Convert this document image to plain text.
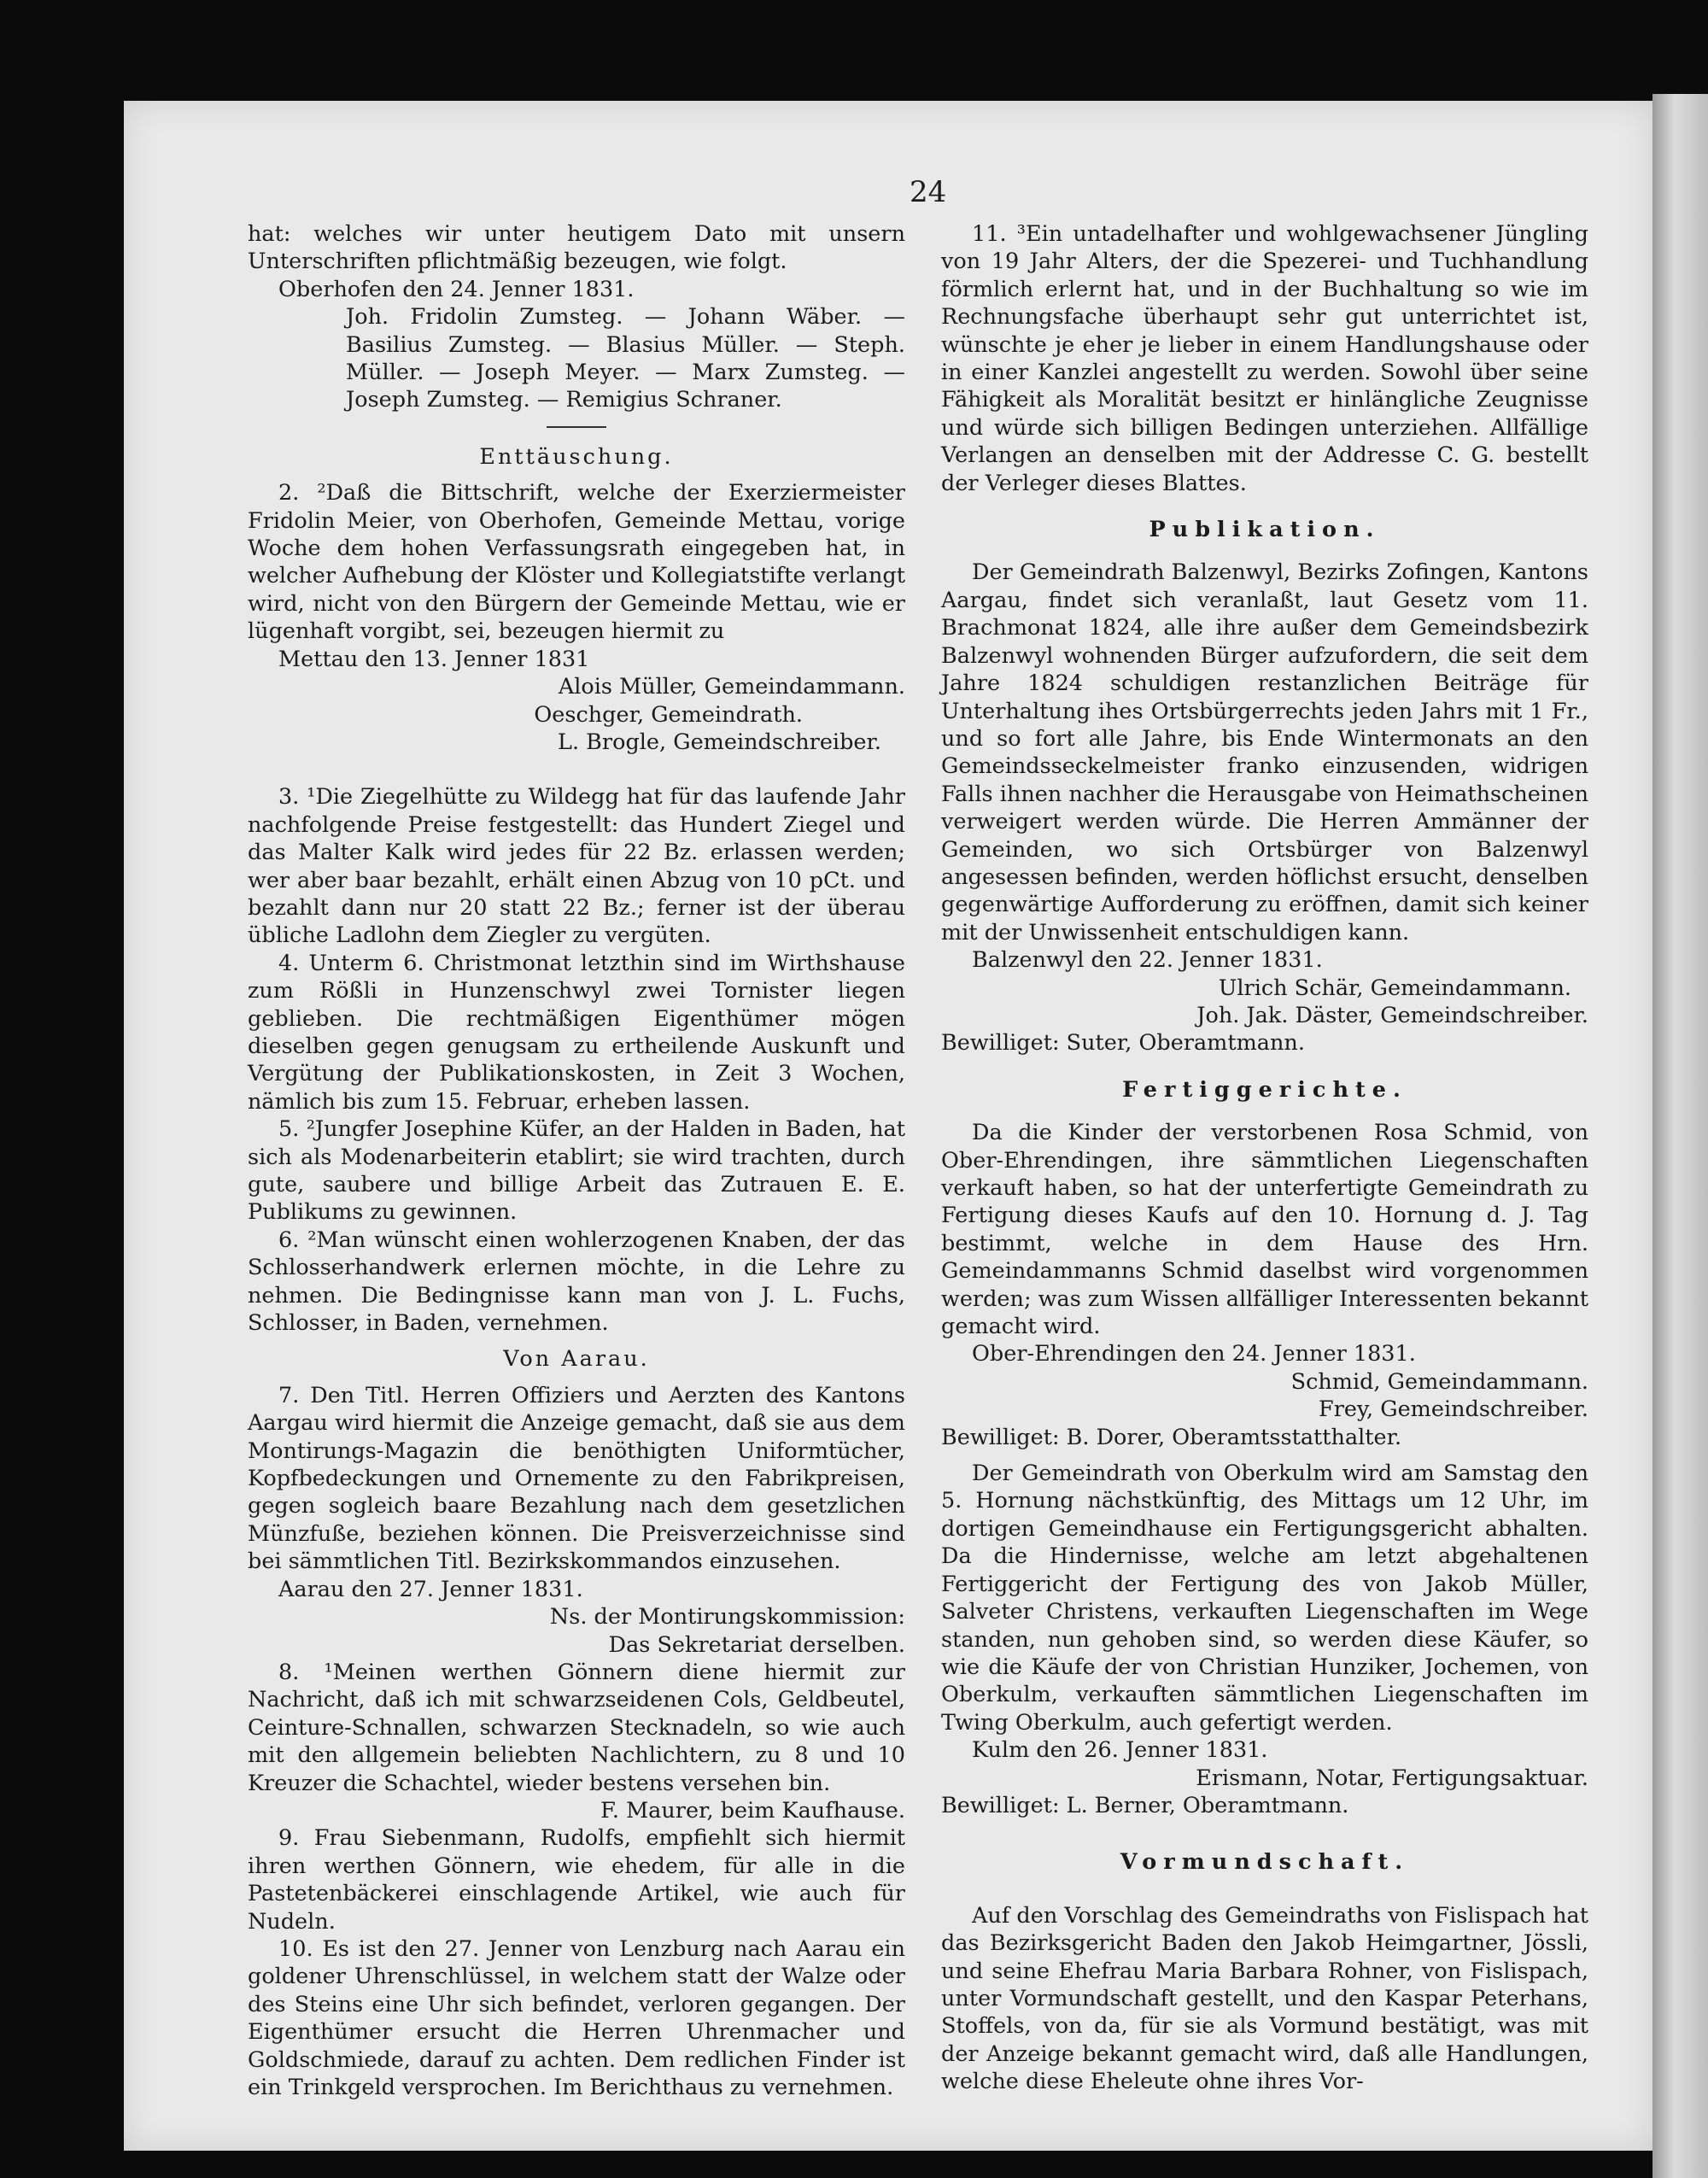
24

hat: welches wir unter heutigem Dato mit unsern Unterschriften pflichtmäßig bezeugen, wie folgt.

Oberhofen den 24. Jenner 1831.

Joh. Fridolin Zumsteg. — Johann Wäber. — Basilius Zumsteg. — Blasius Müller. — Steph. Müller. — Joseph Meyer. — Marx Zumsteg. — Joseph Zumsteg. — Remigius Schraner.

Enttäuschung.

2. ²Daß die Bittschrift, welche der Exerziermeister Fridolin Meier, von Oberhofen, Gemeinde Mettau, vorige Woche dem hohen Verfassungsrath eingegeben hat, in welcher Aufhebung der Klöster und Kollegiatstifte verlangt wird, nicht von den Bürgern der Gemeinde Mettau, wie er lügenhaft vorgibt, sei, bezeugen hiermit zu

Mettau den 13. Jenner 1831

Alois Müller, Gemeindammann.

Oeschger, Gemeindrath.

L. Brogle, Gemeindschreiber.

3. ¹Die Ziegelhütte zu Wildegg hat für das laufende Jahr nachfolgende Preise festgestellt: das Hundert Ziegel und das Malter Kalk wird jedes für 22 Bz. erlassen werden; wer aber baar bezahlt, erhält einen Abzug von 10 pCt. und bezahlt dann nur 20 statt 22 Bz.; ferner ist der überau übliche Ladlohn dem Ziegler zu vergüten.

4. Unterm 6. Christmonat letzthin sind im Wirthshause zum Rößli in Hunzenschwyl zwei Tornister liegen geblieben. Die rechtmäßigen Eigenthümer mögen dieselben gegen genugsam zu ertheilende Auskunft und Vergütung der Publikationskosten, in Zeit 3 Wochen, nämlich bis zum 15. Februar, erheben lassen.

5. ²Jungfer Josephine Küfer, an der Halden in Baden, hat sich als Modenarbeiterin etablirt; sie wird trachten, durch gute, saubere und billige Arbeit das Zutrauen E. E. Publikums zu gewinnen.

6. ²Man wünscht einen wohlerzogenen Knaben, der das Schlosserhandwerk erlernen möchte, in die Lehre zu nehmen. Die Bedingnisse kann man von J. L. Fuchs, Schlosser, in Baden, vernehmen.

Von Aarau.

7. Den Titl. Herren Offiziers und Aerzten des Kantons Aargau wird hiermit die Anzeige gemacht, daß sie aus dem Montirungs-Magazin die benöthigten Uniformtücher, Kopfbedeckungen und Ornemente zu den Fabrikpreisen, gegen sogleich baare Bezahlung nach dem gesetzlichen Münzfuße, beziehen können. Die Preisverzeichnisse sind bei sämmtlichen Titl. Bezirkskommandos einzusehen.

Aarau den 27. Jenner 1831.

Ns. der Montirungskommission:

Das Sekretariat derselben.

8. ¹Meinen werthen Gönnern diene hiermit zur Nachricht, daß ich mit schwarzseidenen Cols, Geldbeutel, Ceinture-Schnallen, schwarzen Stecknadeln, so wie auch mit den allgemein beliebten Nachlichtern, zu 8 und 10 Kreuzer die Schachtel, wieder bestens versehen bin.

F. Maurer, beim Kaufhause.

9. Frau Siebenmann, Rudolfs, empfiehlt sich hiermit ihren werthen Gönnern, wie ehedem, für alle in die Pastetenbäckerei einschlagende Artikel, wie auch für Nudeln.

10. Es ist den 27. Jenner von Lenzburg nach Aarau ein goldener Uhrenschlüssel, in welchem statt der Walze oder des Steins eine Uhr sich befindet, verloren gegangen. Der Eigenthümer ersucht die Herren Uhrenmacher und Goldschmiede, darauf zu achten. Dem redlichen Finder ist ein Trinkgeld versprochen. Im Berichthaus zu vernehmen.

11. ³Ein untadelhafter und wohlgewachsener Jüngling von 19 Jahr Alters, der die Spezerei- und Tuchhandlung förmlich erlernt hat, und in der Buchhaltung so wie im Rechnungsfache überhaupt sehr gut unterrichtet ist, wünschte je eher je lieber in einem Handlungshause oder in einer Kanzlei angestellt zu werden. Sowohl über seine Fähigkeit als Moralität besitzt er hinlängliche Zeugnisse und würde sich billigen Bedingen unterziehen. Allfällige Verlangen an denselben mit der Addresse C. G. bestellt der Verleger dieses Blattes.

Publikation.

Der Gemeindrath Balzenwyl, Bezirks Zofingen, Kantons Aargau, findet sich veranlaßt, laut Gesetz vom 11. Brachmonat 1824, alle ihre außer dem Gemeindsbezirk Balzenwyl wohnenden Bürger aufzufordern, die seit dem Jahre 1824 schuldigen restanzlichen Beiträge für Unterhaltung ihes Ortsbürgerrechts jeden Jahrs mit 1 Fr., und so fort alle Jahre, bis Ende Wintermonats an den Gemeindsseckelmeister franko einzusenden, widrigen Falls ihnen nachher die Herausgabe von Heimathscheinen verweigert werden würde. Die Herren Ammänner der Gemeinden, wo sich Ortsbürger von Balzenwyl angesessen befinden, werden höflichst ersucht, denselben gegenwärtige Aufforderung zu eröffnen, damit sich keiner mit der Unwissenheit entschuldigen kann.

Balzenwyl den 22. Jenner 1831.

Ulrich Schär, Gemeindammann.

Joh. Jak. Däster, Gemeindschreiber.

Bewilliget: Suter, Oberamtmann.

Fertiggerichte.

Da die Kinder der verstorbenen Rosa Schmid, von Ober-Ehrendingen, ihre sämmtlichen Liegenschaften verkauft haben, so hat der unterfertigte Gemeindrath zu Fertigung dieses Kaufs auf den 10. Hornung d. J. Tag bestimmt, welche in dem Hause des Hrn. Gemeindammanns Schmid daselbst wird vorgenommen werden; was zum Wissen allfälliger Interessenten bekannt gemacht wird.

Ober-Ehrendingen den 24. Jenner 1831.

Schmid, Gemeindammann.

Frey, Gemeindschreiber.

Bewilliget: B. Dorer, Oberamtsstatthalter.

Der Gemeindrath von Oberkulm wird am Samstag den 5. Hornung nächstkünftig, des Mittags um 12 Uhr, im dortigen Gemeindhause ein Fertigungsgericht abhalten. Da die Hindernisse, welche am letzt abgehaltenen Fertiggericht der Fertigung des von Jakob Müller, Salveter Christens, verkauften Liegenschaften im Wege standen, nun gehoben sind, so werden diese Käufer, so wie die Käufe der von Christian Hunziker, Jochemen, von Oberkulm, verkauften sämmtlichen Liegenschaften im Twing Oberkulm, auch gefertigt werden.

Kulm den 26. Jenner 1831.

Erismann, Notar, Fertigungsaktuar.

Bewilliget: L. Berner, Oberamtmann.

Vormundschaft.

Auf den Vorschlag des Gemeindraths von Fislispach hat das Bezirksgericht Baden den Jakob Heimgartner, Jössli, und seine Ehefrau Maria Barbara Rohner, von Fislispach, unter Vormundschaft gestellt, und den Kaspar Peterhans, Stoffels, von da, für sie als Vormund bestätigt, was mit der Anzeige bekannt gemacht wird, daß alle Handlungen, welche diese Eheleute ohne ihres Vor-
